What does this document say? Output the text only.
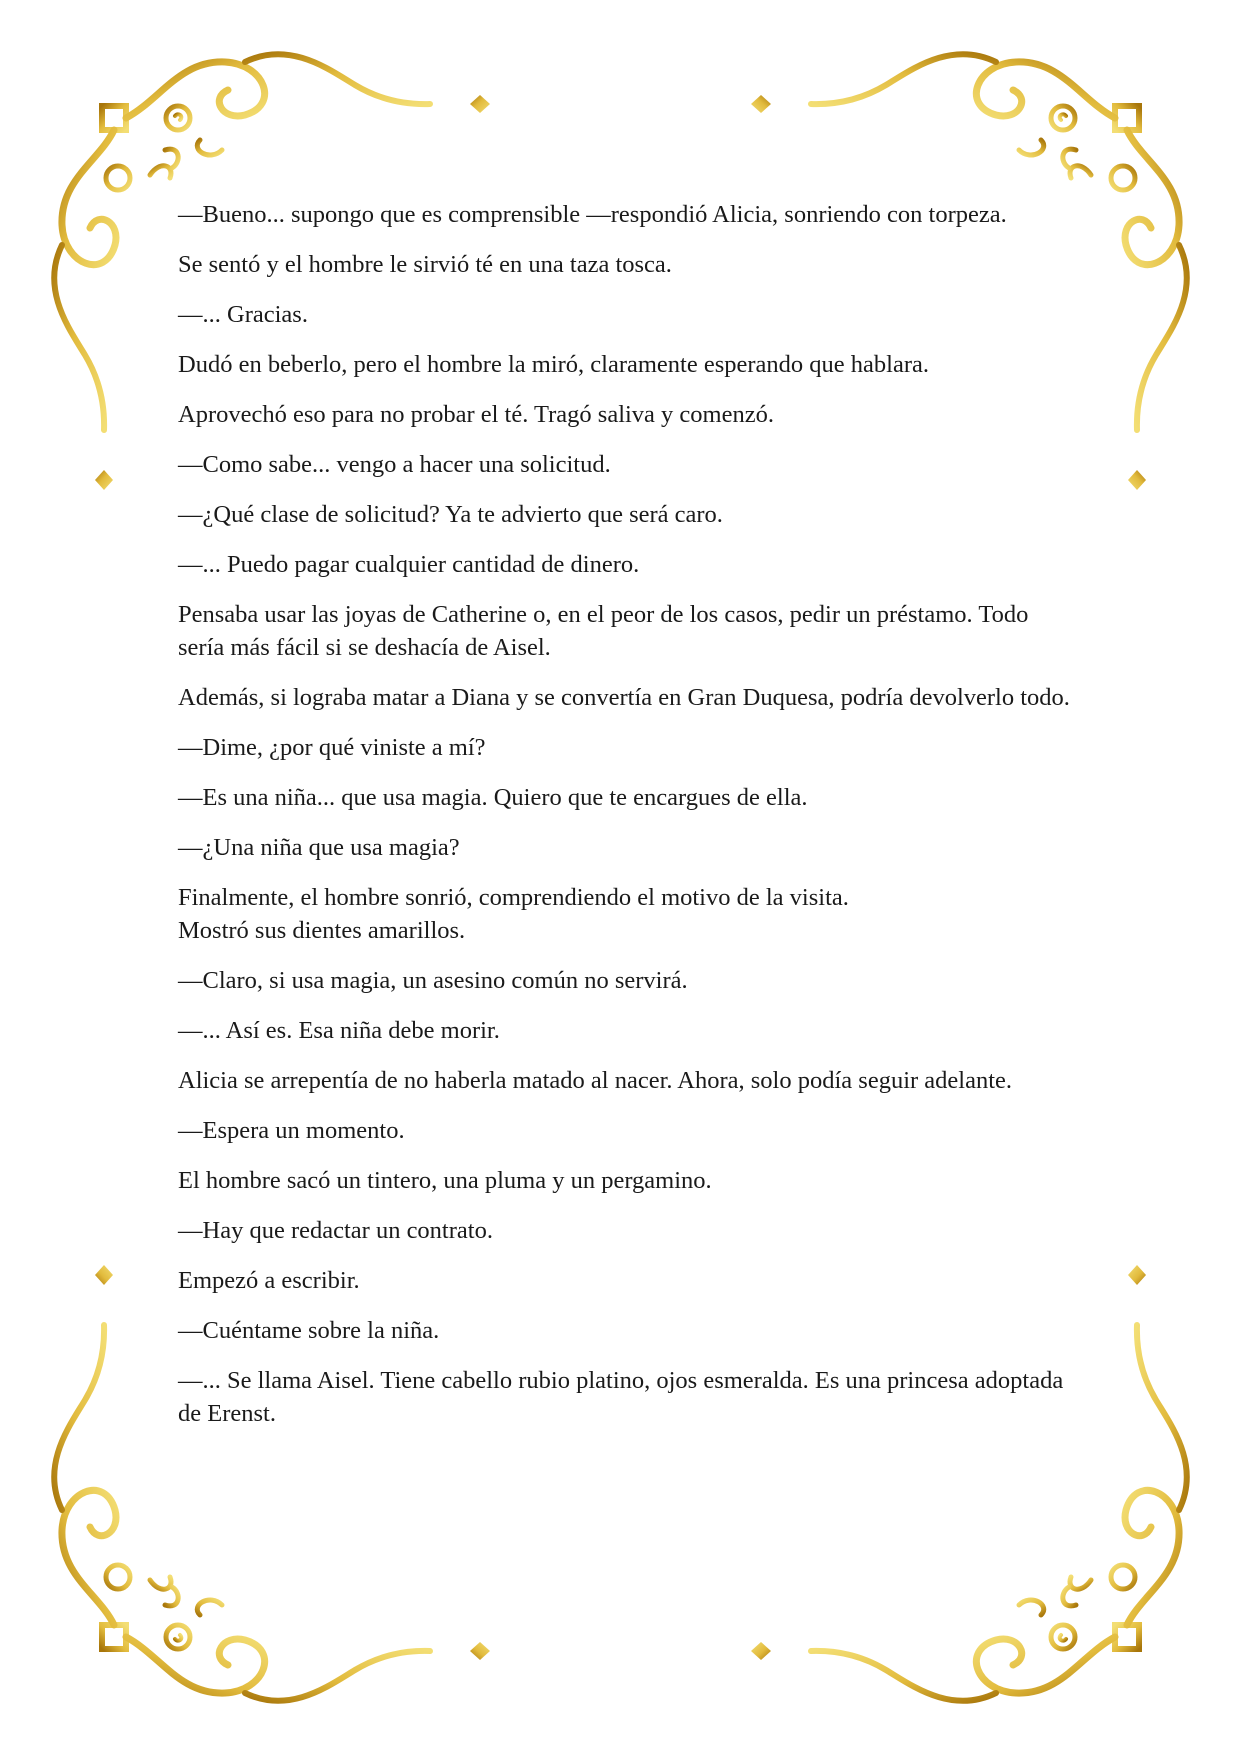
—Bueno... supongo que es comprensible —respondió Alicia, sonriendo con torpeza.

Se sentó y el hombre le sirvió té en una taza tosca.

—... Gracias.

Dudó en beberlo, pero el hombre la miró, claramente esperando que hablara.

Aprovechó eso para no probar el té. Tragó saliva y comenzó.

—Como sabe... vengo a hacer una solicitud.

—¿Qué clase de solicitud? Ya te advierto que será caro.

—... Puedo pagar cualquier cantidad de dinero.

Pensaba usar las joyas de Catherine o, en el peor de los casos, pedir un préstamo. Todo sería más fácil si se deshacía de Aisel.

Además, si lograba matar a Diana y se convertía en Gran Duquesa, podría devolverlo todo.

—Dime, ¿por qué viniste a mí?

—Es una niña... que usa magia. Quiero que te encargues de ella.

—¿Una niña que usa magia?

Finalmente, el hombre sonrió, comprendiendo el motivo de la visita.
Mostró sus dientes amarillos.

—Claro, si usa magia, un asesino común no servirá.

—... Así es. Esa niña debe morir.

Alicia se arrepentía de no haberla matado al nacer. Ahora, solo podía seguir adelante.

—Espera un momento.

El hombre sacó un tintero, una pluma y un pergamino.

—Hay que redactar un contrato.

Empezó a escribir.

—Cuéntame sobre la niña.

—... Se llama Aisel. Tiene cabello rubio platino, ojos esmeralda. Es una princesa adoptada de Erenst.
